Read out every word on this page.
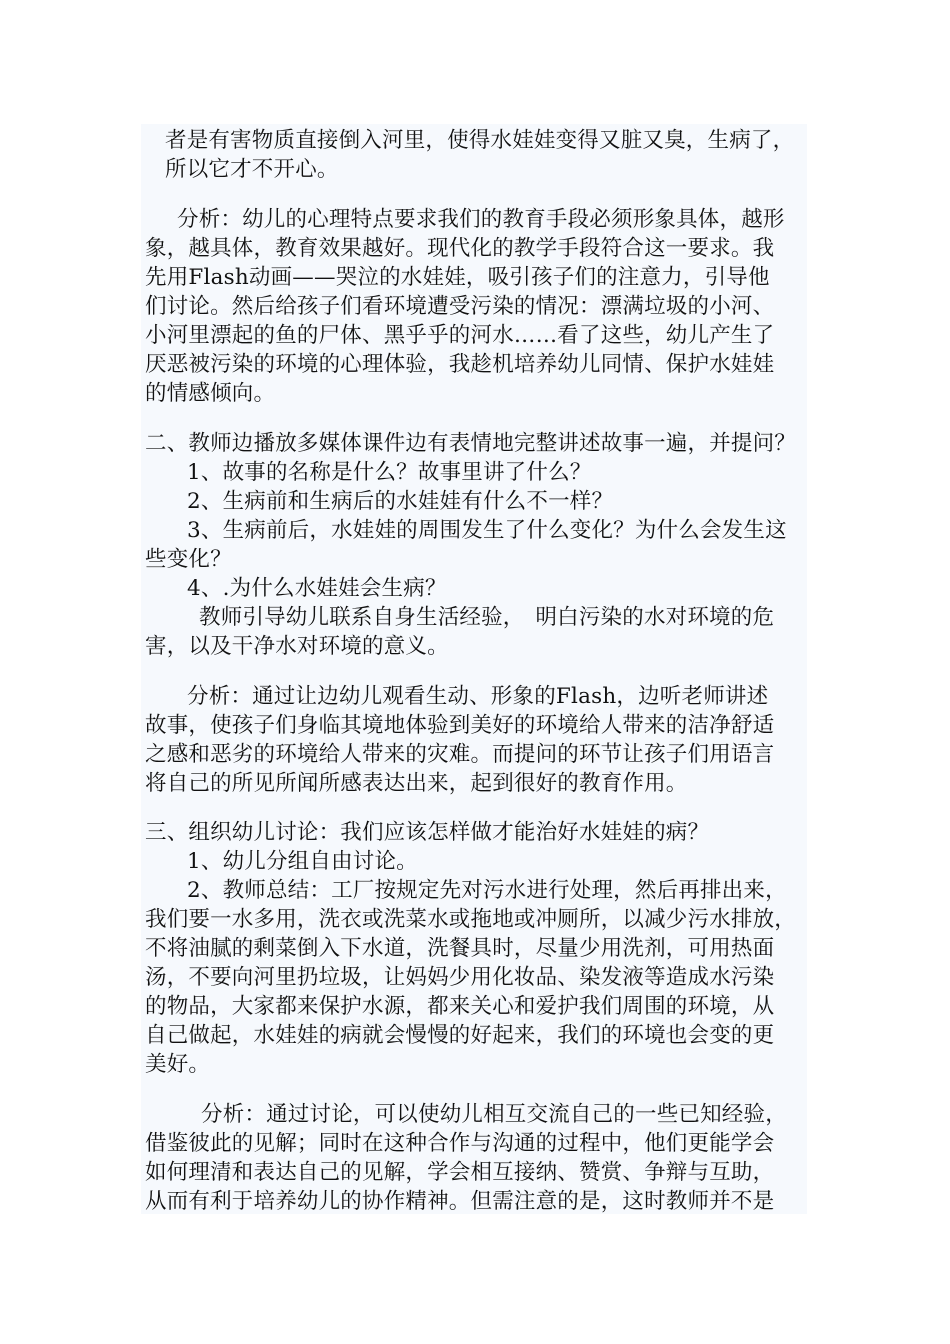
者是有害物质直接倒入河里，使得水娃娃变得又脏又臭，生病了，
所以它才不开心。
分析：幼儿的心理特点要求我们的教育手段必须形象具体，越形
象，越具体，教育效果越好。现代化的教学手段符合这一要求。我
先用Flash动画——哭泣的水娃娃，吸引孩子们的注意力，引导他
们讨论。然后给孩子们看环境遭受污染的情况：漂满垃圾的小河、
小河里漂起的鱼的尸体、黑乎乎的河水……看了这些，幼儿产生了
厌恶被污染的环境的心理体验，我趁机培养幼儿同情、保护水娃娃
的情感倾向。
二、教师边播放多媒体课件边有表情地完整讲述故事一遍，并提问？
1、故事的名称是什么？故事里讲了什么？
2、生病前和生病后的水娃娃有什么不一样？
3、生病前后，水娃娃的周围发生了什么变化？为什么会发生这
些变化？
4、.为什么水娃娃会生病？
教师引导幼儿联系自身生活经验，　明白污染的水对环境的危
害，以及干净水对环境的意义。
分析：通过让边幼儿观看生动、形象的Flash，边听老师讲述
故事，使孩子们身临其境地体验到美好的环境给人带来的洁净舒适
之感和恶劣的环境给人带来的灾难。而提问的环节让孩子们用语言
将自己的所见所闻所感表达出来，起到很好的教育作用。
三、组织幼儿讨论：我们应该怎样做才能治好水娃娃的病？
1、幼儿分组自由讨论。
2、教师总结：工厂按规定先对污水进行处理，然后再排出来，
我们要一水多用，洗衣或洗菜水或拖地或冲厕所，以减少污水排放，
不将油腻的剩菜倒入下水道，洗餐具时，尽量少用洗剂，可用热面
汤，不要向河里扔垃圾，让妈妈少用化妆品、染发液等造成水污染
的物品，大家都来保护水源，都来关心和爱护我们周围的环境，从
自己做起，水娃娃的病就会慢慢的好起来，我们的环境也会变的更
美好。
分析：通过讨论，可以使幼儿相互交流自己的一些已知经验，
借鉴彼此的见解；同时在这种合作与沟通的过程中，他们更能学会
如何理清和表达自己的见解，学会相互接纳、赞赏、争辩与互助，
从而有利于培养幼儿的协作精神。但需注意的是，这时教师并不是
